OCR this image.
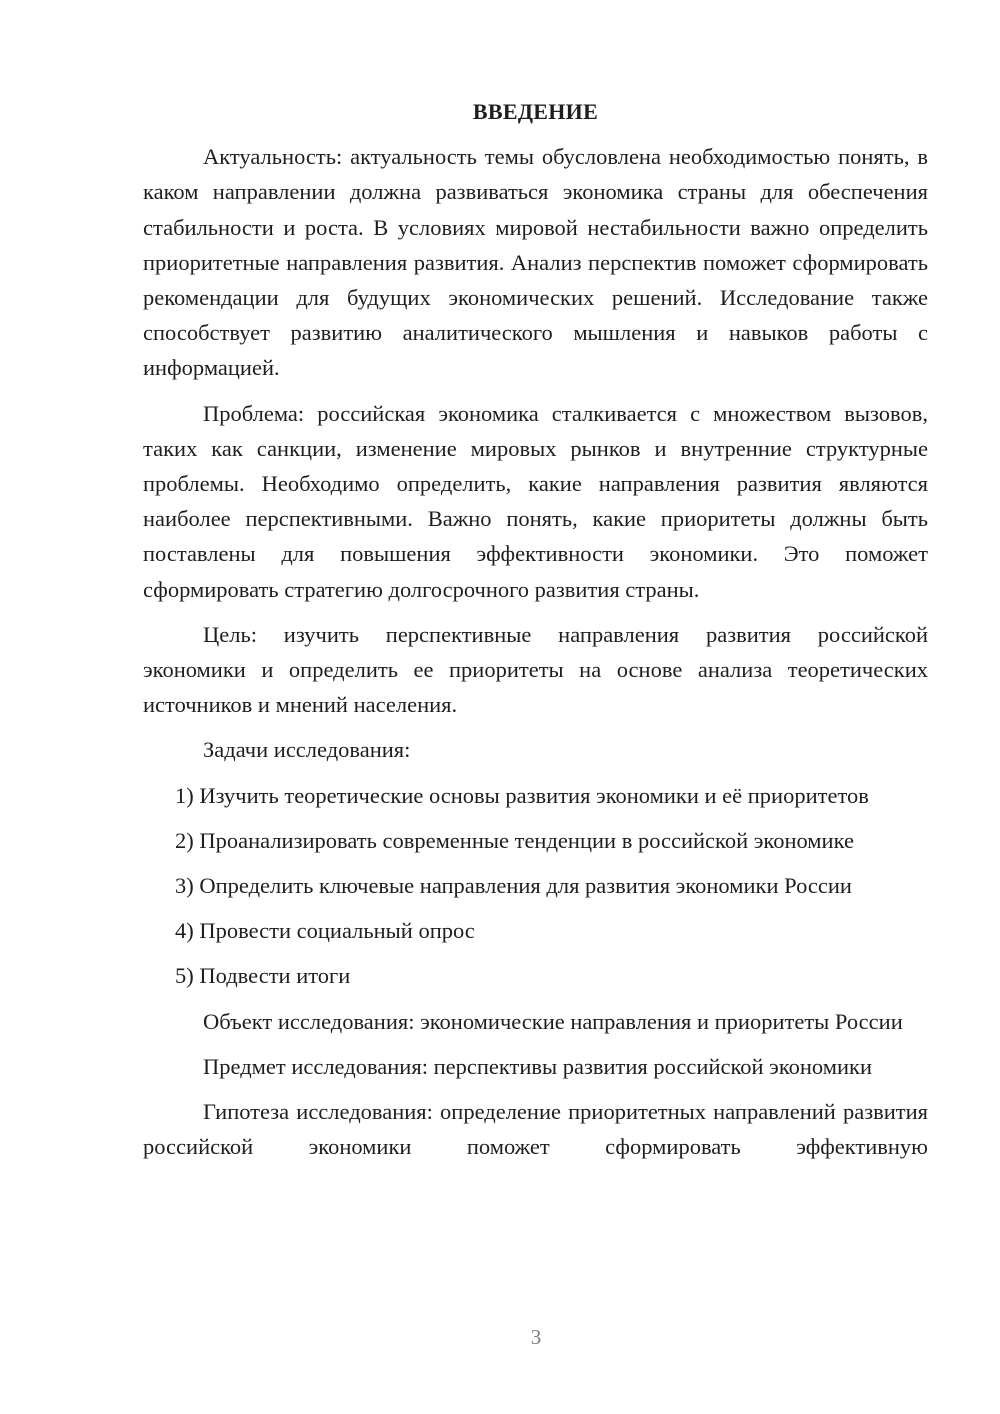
ВВЕДЕНИЕ

Актуальность: актуальность темы обусловлена необходимостью понять, в каком направлении должна развиваться экономика страны для обеспечения стабильности и роста. В условиях мировой нестабильности важно определить приоритетные направления развития. Анализ перспектив поможет сформировать рекомендации для будущих экономических решений. Исследование также способствует развитию аналитического мышления и навыков работы с информацией.

Проблема: российская экономика сталкивается с множеством вызовов, таких как санкции, изменение мировых рынков и внутренние структурные проблемы. Необходимо определить, какие направления развития являются наиболее перспективными. Важно понять, какие приоритеты должны быть поставлены для повышения эффективности экономики. Это поможет сформировать стратегию долгосрочного развития страны.

Цель: изучить перспективные направления развития российской экономики и определить ее приоритеты на основе анализа теоретических источников и мнений населения.

Задачи исследования:

1) Изучить теоретические основы развития экономики и её приоритетов

2) Проанализировать современные тенденции в российской экономике

3) Определить ключевые направления для развития экономики России

4) Провести социальный опрос

5) Подвести итоги

Объект исследования: экономические направления и приоритеты России

Предмет исследования: перспективы развития российской экономики

Гипотеза исследования: определение приоритетных направлений развития российской экономики поможет сформировать эффективную

3
